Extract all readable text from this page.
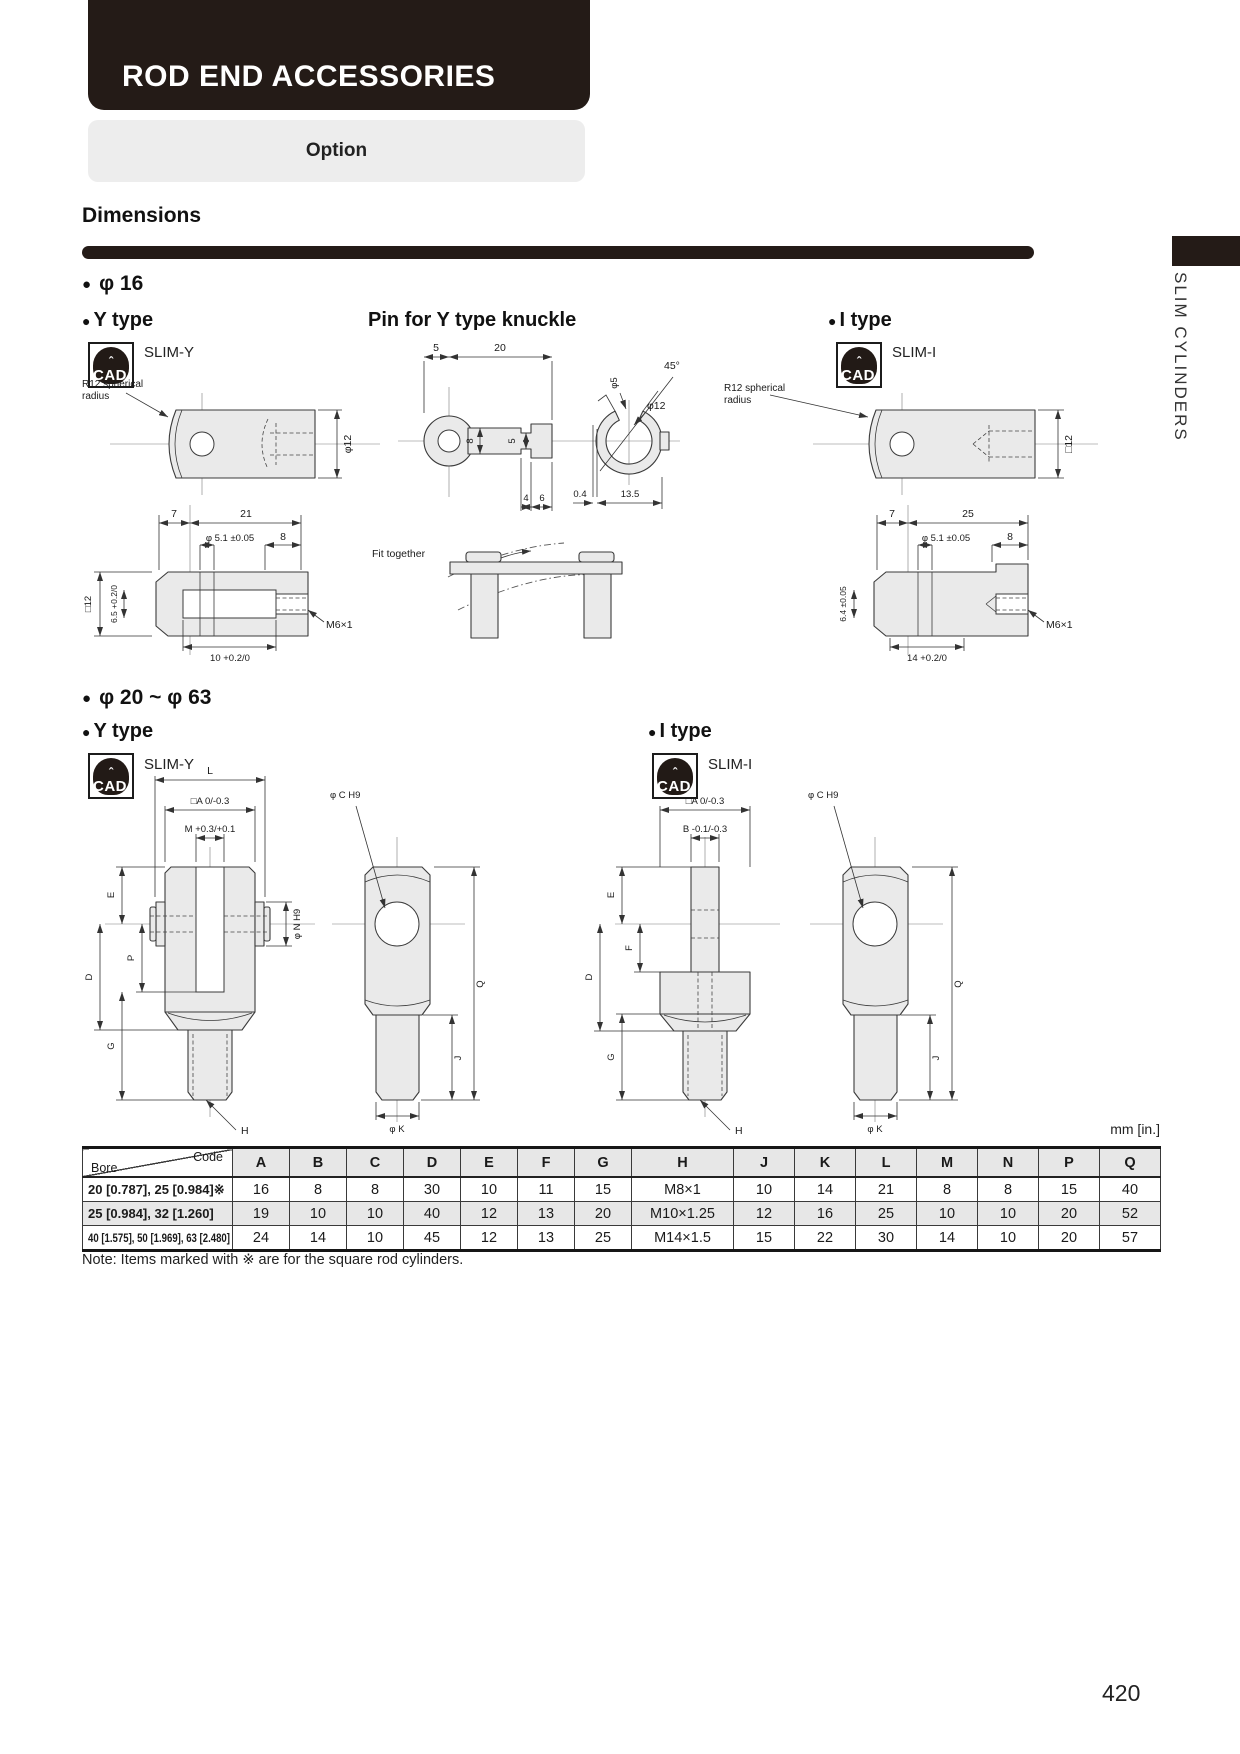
ROD END ACCESSORIES
Option
Dimensions
SLIM CYLINDERS
● φ 16
● Y type	Pin for Y type knuckle	● I type
ˆ
CAD
SLIM-Y
ˆ
CAD
SLIM-I
φ12
R12 spherical
radius
7	21
φ 5.1 ±0.05 8
□12 6.5 +0.2/0
M6×1
10 +0.2/0
5	20
8	5
4 6
φ5
45°
φ12
0.4	13.5
Fit together
□12
R12 spherical
radius
7	25
φ 5.1 ±0.05	8
6.4 ±0.05
M6×1
14 +0.2/0
● φ 20 ~ φ 63
● Y type	● I type
ˆ
CAD
SLIM-Y	ˆ
CAD
SLIM-I
L
□A 0/-0.3
M +0.3/+0.1
φ N H9
E
P
D
G
H
φ C H9
Q
J
φ K
□A 0/-0.3
B -0.1/-0.3
E
F
D
G
H
φ C H9
Q
J
φ K	mm [in.]
Code
Bore	A	B	C	D	E	F	G	H	J	K	L	M	N	P	Q
20 [0.787], 25 [0.984]※	16	8	8	30	10	11	15	M8×1	10	14	21	8	8	15	40
25 [0.984], 32 [1.260]	19	10	10	40	12	13	20	M10×1.25	12	16	25	10	10	20	52
40 [1.575], 50 [1.969], 63 [2.480]	24	14	10	45	12	13	25	M14×1.5	15	22	30	14	10	20	57
Note: Items marked with ※ are for the square rod cylinders.
420
